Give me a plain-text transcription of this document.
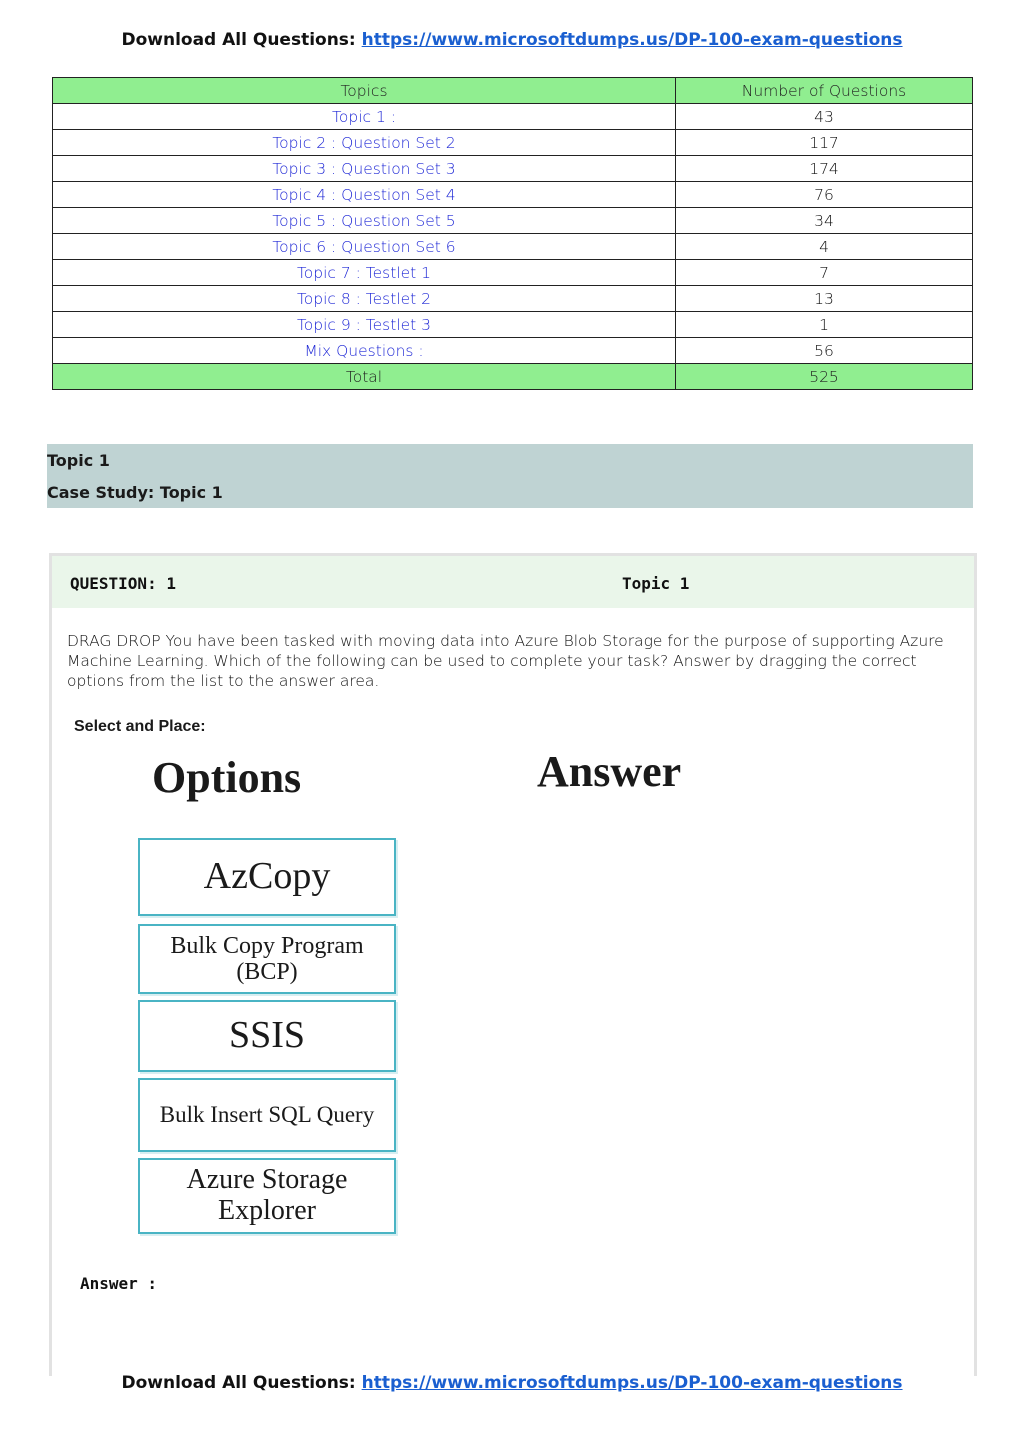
Download All Questions: https://www.microsoftdumps.us/DP-100-exam-questions
Topics	Number of Questions
Topic 1 :	43
Topic 2 : Question Set 2	117
Topic 3 : Question Set 3	174
Topic 4 : Question Set 4	76
Topic 5 : Question Set 5	34
Topic 6 : Question Set 6	4
Topic 7 : Testlet 1	7
Topic 8 : Testlet 2	13
Topic 9 : Testlet 3	1
Mix Questions :	56
Total	525
Topic 1
Case Study: Topic 1
QUESTION: 1	Topic 1
DRAG DROP You have been tasked with moving data into Azure Blob Storage for the purpose of supporting Azure Machine Learning. Which of the following can be used to complete your task? Answer by dragging the correct options from the list to the answer area.
Select and Place:
Options	Answer
AzCopy
Bulk Copy Program
(BCP)
SSIS
Bulk Insert SQL Query
Azure Storage
Explorer
Answer :
Download All Questions: https://www.microsoftdumps.us/DP-100-exam-questions
